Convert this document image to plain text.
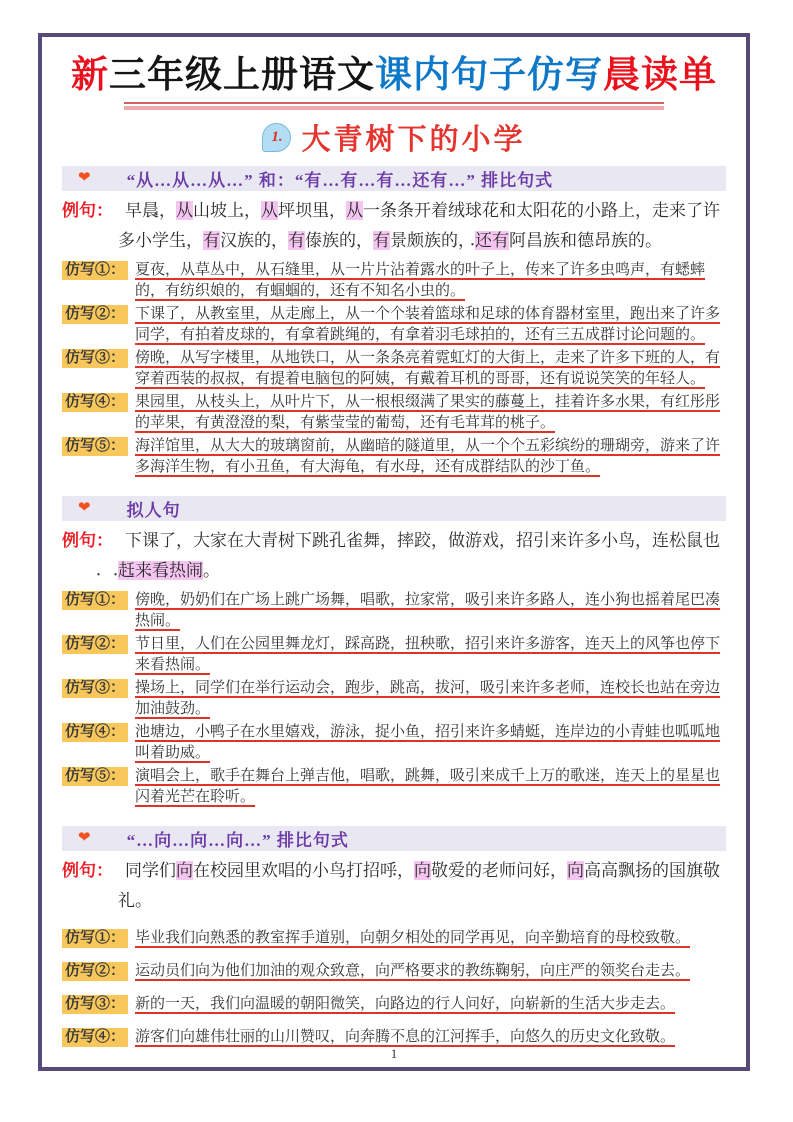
新三年级上册语文课内句子仿写晨读单
1. 大青树下的小学
❤ “从…从…从…” 和：“有…有…有…还有…” 排比句式

例句： 早晨，从山坡上，从坪坝里，从一条条开着绒球花和太阳花的小路上，走来了许多小学生，有汉族的，有傣族的，有景颇族的，还有阿昌族和德昂族的。

仿写①： 夏夜，从草丛中，从石缝里，从一片片沾着露水的叶子上，传来了许多虫鸣声，有蟋蟀的，有纺织娘的，有蝈蝈的，还有不知名小虫的。
仿写②： 下课了，从教室里，从走廊上，从一个个装着篮球和足球的体育器材室里，跑出来了许多同学，有拍着皮球的，有拿着跳绳的，有拿着羽毛球拍的，还有三五成群讨论问题的。
仿写③： 傍晚，从写字楼里，从地铁口，从一条条亮着霓虹灯的大街上，走来了许多下班的人，有穿着西装的叔叔，有提着电脑包的阿姨，有戴着耳机的哥哥，还有说说笑笑的年轻人。
仿写④： 果园里，从枝头上，从叶片下，从一根根缀满了果实的藤蔓上，挂着许多水果，有红彤彤的苹果，有黄澄澄的梨，有紫莹莹的葡萄，还有毛茸茸的桃子。
仿写⑤： 海洋馆里，从大大的玻璃窗前，从幽暗的隧道里，从一个个五彩缤纷的珊瑚旁，游来了许多海洋生物，有小丑鱼，有大海龟，有水母，还有成群结队的沙丁鱼。
❤ 拟人句

例句： 下课了，大家在大青树下跳孔雀舞，摔跤，做游戏，招引来许多小鸟，连松鼠也赶来看热闹。

仿写①： 傍晚，奶奶们在广场上跳广场舞，唱歌，拉家常，吸引来许多路人，连小狗也摇着尾巴凑热闹。
仿写②： 节日里，人们在公园里舞龙灯，踩高跷，扭秧歌，招引来许多游客，连天上的风筝也停下来看热闹。
仿写③： 操场上，同学们在举行运动会，跑步，跳高，拔河，吸引来许多老师，连校长也站在旁边加油鼓劲。
仿写④： 池塘边，小鸭子在水里嬉戏，游泳，捉小鱼，招引来许多蜻蜓，连岸边的小青蛙也呱呱地叫着助威。
仿写⑤： 演唱会上，歌手在舞台上弹吉他，唱歌，跳舞，吸引来成千上万的歌迷，连天上的星星也闪着光芒在聆听。
❤ “…向…向…向…” 排比句式

例句： 同学们向在校园里欢唱的小鸟打招呼，向敬爱的老师问好，向高高飘扬的国旗敬礼。

仿写①： 毕业我们向熟悉的教室挥手道别，向朝夕相处的同学再见，向辛勤培育的母校致敬。
仿写②： 运动员们向为他们加油的观众致意，向严格要求的教练鞠躬，向庄严的领奖台走去。
仿写③： 新的一天，我们向温暖的朝阳微笑，向路边的行人问好，向崭新的生活大步走去。
仿写④： 游客们向雄伟壮丽的山川赞叹，向奔腾不息的江河挥手，向悠久的历史文化致敬。
1
